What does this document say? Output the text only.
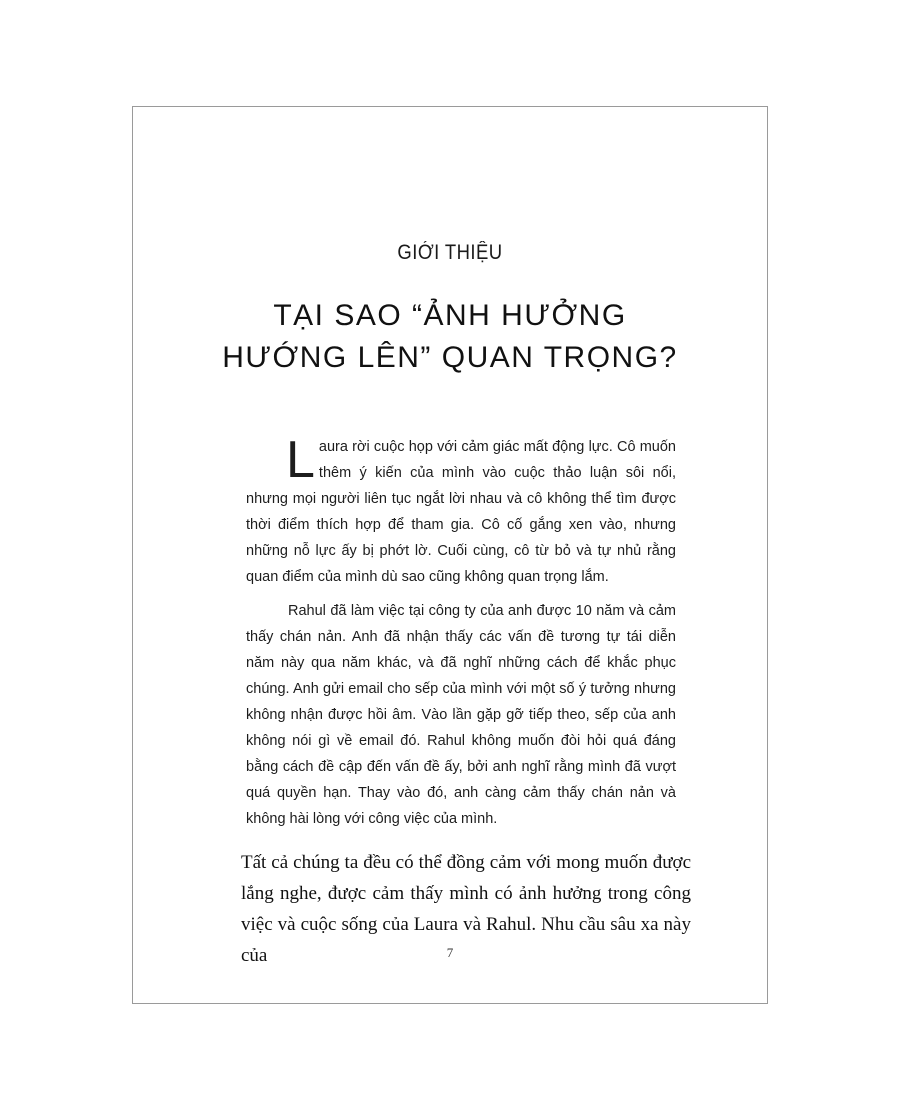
GIỚI THIỆU
TẠI SAO “ẢNH HƯỞNG
HƯỚNG LÊN” QUAN TRỌNG?

Laura rời cuộc họp với cảm giác mất động lực. Cô muốn thêm ý kiến của mình vào cuộc thảo luận sôi nổi, nhưng mọi người liên tục ngắt lời nhau và cô không thể tìm được thời điểm thích hợp để tham gia. Cô cố gắng xen vào, nhưng những nỗ lực ấy bị phớt lờ. Cuối cùng, cô từ bỏ và tự nhủ rằng quan điểm của mình dù sao cũng không quan trọng lắm.

Rahul đã làm việc tại công ty của anh được 10 năm và cảm thấy chán nản. Anh đã nhận thấy các vấn đề tương tự tái diễn năm này qua năm khác, và đã nghĩ những cách để khắc phục chúng. Anh gửi email cho sếp của mình với một số ý tưởng nhưng không nhận được hồi âm. Vào lần gặp gỡ tiếp theo, sếp của anh không nói gì về email đó. Rahul không muốn đòi hỏi quá đáng bằng cách đề cập đến vấn đề ấy, bởi anh nghĩ rằng mình đã vượt quá quyền hạn. Thay vào đó, anh càng cảm thấy chán nản và không hài lòng với công việc của mình.

Tất cả chúng ta đều có thể đồng cảm với mong muốn được lắng nghe, được cảm thấy mình có ảnh hưởng trong công việc và cuộc sống của Laura và Rahul. Nhu cầu sâu xa này của	7
